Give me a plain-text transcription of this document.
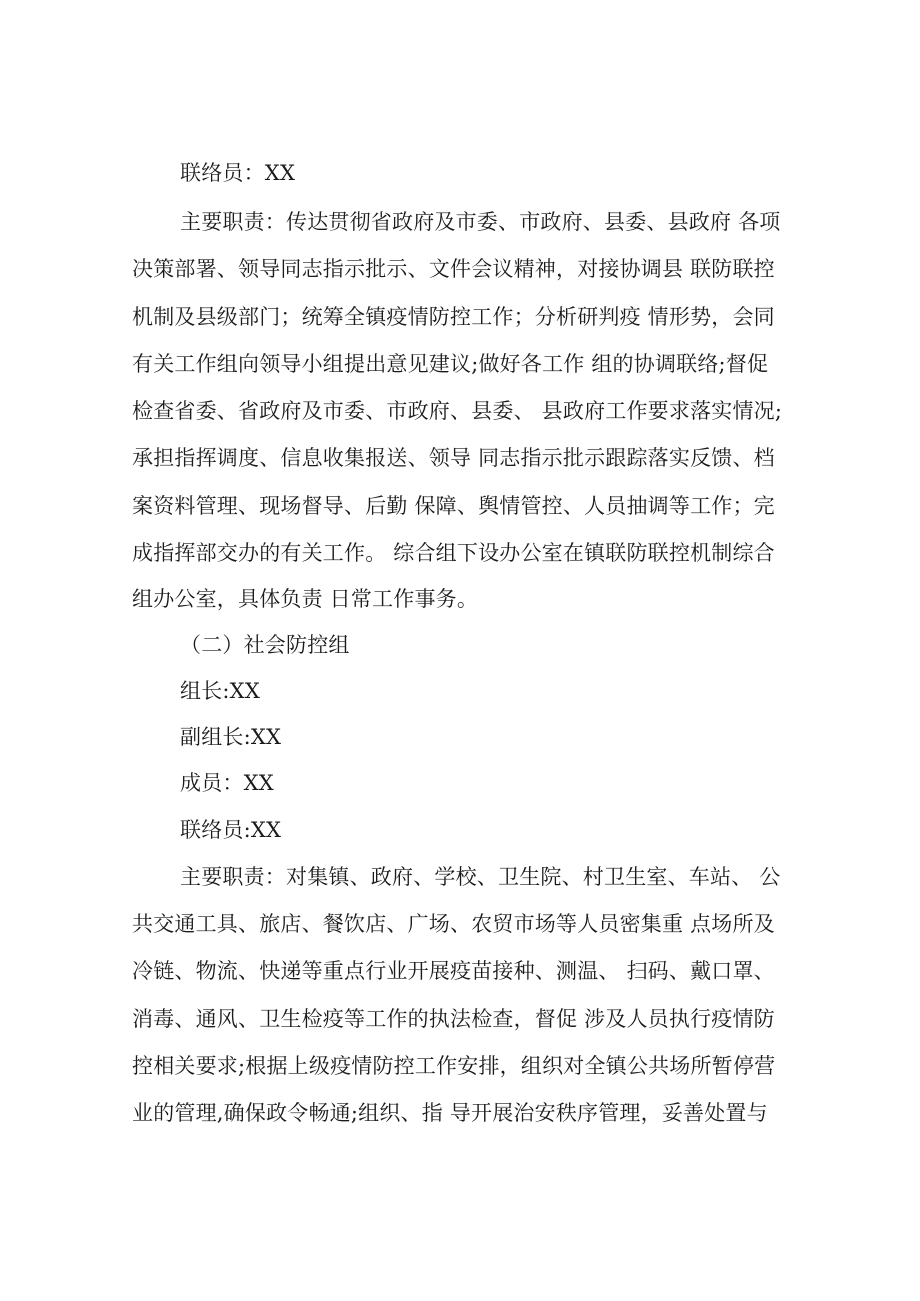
联络员：XX
主要职责：传达贯彻省政府及市委、市政府、县委、县政府 各项
决策部署、领导同志指示批示、文件会议精神，对接协调县 联防联控
机制及县级部门；统筹全镇疫情防控工作；分析研判疫 情形势，会同
有关工作组向领导小组提出意见建议;做好各工作 组的协调联络;督促
检查省委、省政府及市委、市政府、县委、 县政府工作要求落实情况;
承担指挥调度、信息收集报送、领导 同志指示批示跟踪落实反馈、档
案资料管理、现场督导、后勤 保障、舆情管控、人员抽调等工作；完
成指挥部交办的有关工作。 综合组下设办公室在镇联防联控机制综合
组办公室，具体负责 日常工作事务。
（二）社会防控组
组长:XX
副组长:XX
成员：XX
联络员:XX
主要职责：对集镇、政府、学校、卫生院、村卫生室、车站、 公
共交通工具、旅店、餐饮店、广场、农贸市场等人员密集重 点场所及
冷链、物流、快递等重点行业开展疫苗接种、测温、 扫码、戴口罩、
消毒、通风、卫生检疫等工作的执法检查，督促 涉及人员执行疫情防
控相关要求;根据上级疫情防控工作安排，组织对全镇公共场所暂停营
业的管理,确保政令畅通;组织、指 导开展治安秩序管理，妥善处置与
